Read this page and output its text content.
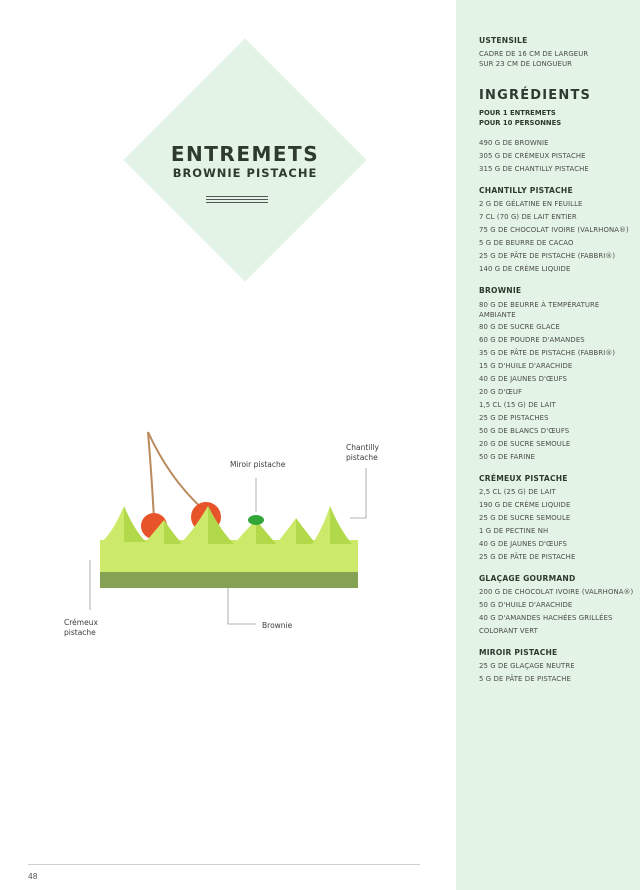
ENTREMETS
BROWNIE PISTACHE
Miroir pistache
Chantilly pistache
Crémeux pistache
Brownie
USTENSILE
CADRE DE 16 CM DE LARGEUR
SUR 23 CM DE LONGUEUR
INGRÉDIENTS
POUR 1 ENTREMETS
POUR 10 PERSONNES
490 G DE BROWNIE
305 G DE CRÉMEUX PISTACHE
315 G DE CHANTILLY PISTACHE
CHANTILLY PISTACHE
2 G DE GÉLATINE EN FEUILLE
7 CL (70 G) DE LAIT ENTIER
75 G DE CHOCOLAT IVOIRE (VALRHONA®)
5 G DE BEURRE DE CACAO
25 G DE PÂTE DE PISTACHE (FABBRI®)
140 G DE CRÈME LIQUIDE
BROWNIE
80 G DE BEURRE À TEMPÉRATURE AMBIANTE
80 G DE SUCRE GLACE
60 G DE POUDRE D'AMANDES
35 G DE PÂTE DE PISTACHE (FABBRI®)
15 G D'HUILE D'ARACHIDE
40 G DE JAUNES D'ŒUFS
20 G D'ŒUF
1,5 CL (15 G) DE LAIT
25 G DE PISTACHES
50 G DE BLANCS D'ŒUFS
20 G DE SUCRE SEMOULE
50 G DE FARINE
CRÉMEUX PISTACHE
2,5 CL (25 G) DE LAIT
190 G DE CRÈME LIQUIDE
25 G DE SUCRE SEMOULE
1 G DE PECTINE NH
40 G DE JAUNES D'ŒUFS
25 G DE PÂTE DE PISTACHE
GLAÇAGE GOURMAND
200 G DE CHOCOLAT IVOIRE (VALRHONA®)
50 G D'HUILE D'ARACHIDE
40 G D'AMANDES HACHÉES GRILLÉES
COLORANT VERT
MIROIR PISTACHE
25 G DE GLAÇAGE NEUTRE
5 G DE PÂTE DE PISTACHE
48
